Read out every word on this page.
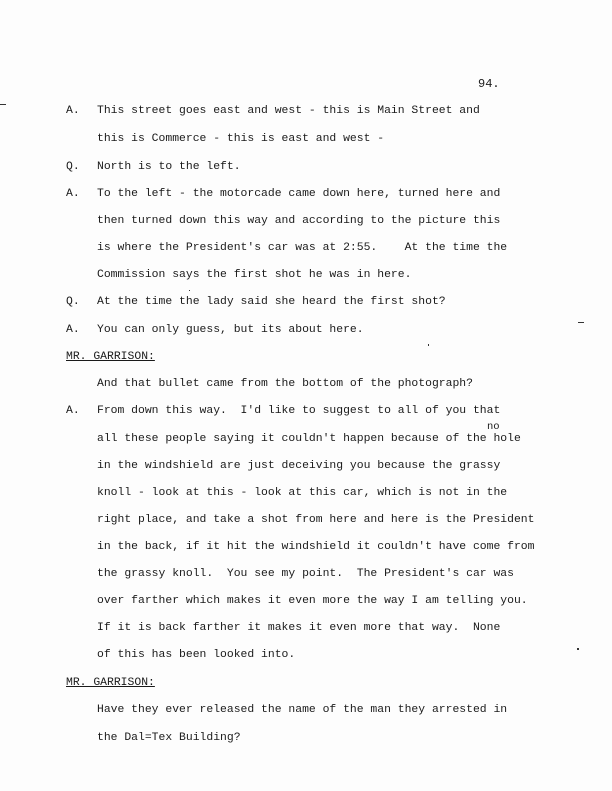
94.
A. This street goes east and west - this is Main Street and
this is Commerce - this is east and west -
Q. North is to the left.
A. To the left - the motorcade came down here, turned here and
then turned down this way and according to the picture this
is where the President's car was at 2:55.    At the time the
Commission says the first shot he was in here.
Q. At the time the lady said she heard the first shot?
A. You can only guess, but its about here.
MR. GARRISON:
And that bullet came from the bottom of the photograph?
no
A. From down this way.  I'd like to suggest to all of you that
all these people saying it couldn't happen because of the hole
in the windshield are just deceiving you because the grassy
knoll - look at this - look at this car, which is not in the
right place, and take a shot from here and here is the President
in the back, if it hit the windshield it couldn't have come from
the grassy knoll.  You see my point.  The President's car was
over farther which makes it even more the way I am telling you.
If it is back farther it makes it even more that way.  None
of this has been looked into.
MR. GARRISON:
Have they ever released the name of the man they arrested in
the Dal=Tex Building?
